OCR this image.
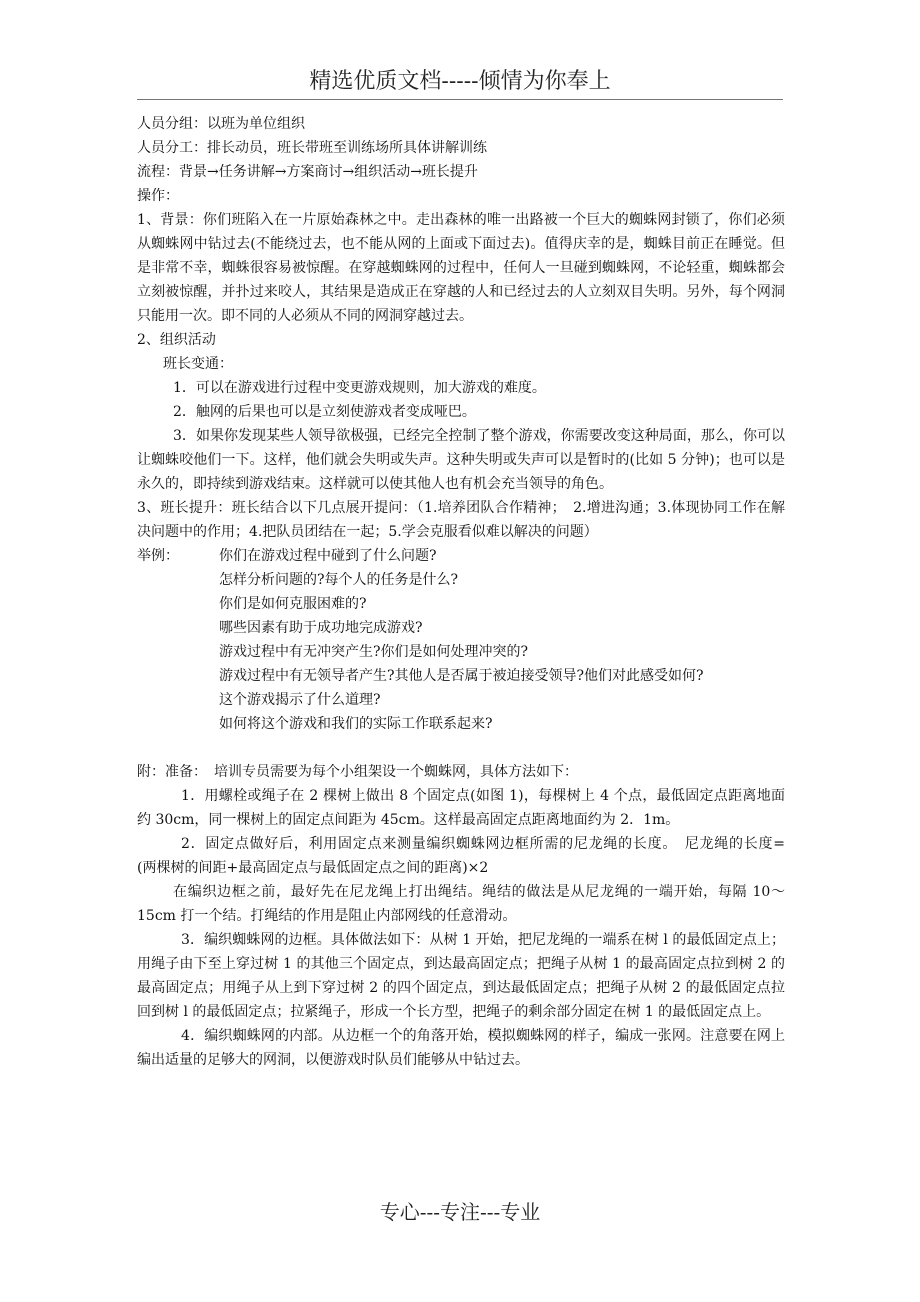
精选优质文档-----倾情为你奉上

人员分组：以班为单位组织

人员分工：排长动员，班长带班至训练场所具体讲解训练

流程：背景→任务讲解→方案商讨→组织活动→班长提升

操作：

1、背景：你们班陷入在一片原始森林之中。走出森林的唯一出路被一个巨大的蜘蛛网封锁了，你们必须从蜘蛛网中钻过去(不能绕过去，也不能从网的上面或下面过去)。值得庆幸的是，蜘蛛目前正在睡觉。但是非常不幸，蜘蛛很容易被惊醒。在穿越蜘蛛网的过程中，任何人一旦碰到蜘蛛网，不论轻重，蜘蛛都会立刻被惊醒，并扑过来咬人，其结果是造成正在穿越的人和已经过去的人立刻双目失明。另外，每个网洞只能用一次。即不同的人必须从不同的网洞穿越过去。

2、组织活动

班长变通：

1．可以在游戏进行过程中变更游戏规则，加大游戏的难度。

2．触网的后果也可以是立刻使游戏者变成哑巴。

3．如果你发现某些人领导欲极强，已经完全控制了整个游戏，你需要改变这种局面，那么，你可以让蜘蛛咬他们一下。这样，他们就会失明或失声。这种失明或失声可以是暂时的(比如 5 分钟)；也可以是永久的，即持续到游戏结束。这样就可以使其他人也有机会充当领导的角色。

3、班长提升：班长结合以下几点展开提问：（1.培养团队合作精神；　2.增进沟通；3.体现协同工作在解决问题中的作用；4.把队员团结在一起；5.学会克服看似难以解决的问题）

举例：	你们在游戏过程中碰到了什么问题?
怎样分析问题的?每个人的任务是什么?
你们是如何克服困难的?
哪些因素有助于成功地完成游戏?
游戏过程中有无冲突产生?你们是如何处理冲突的?
游戏过程中有无领导者产生?其他人是否属于被迫接受领导?他们对此感受如何?
这个游戏揭示了什么道理?
如何将这个游戏和我们的实际工作联系起来?

附：准备：　培训专员需要为每个小组架设一个蜘蛛网，具体方法如下：

1．用螺栓或绳子在 2 棵树上做出 8 个固定点(如图 1)，每棵树上 4 个点，最低固定点距离地面约 30cm，同一棵树上的固定点间距为 45cm。这样最高固定点距离地面约为 2．1m。

2．固定点做好后，利用固定点来测量编织蜘蛛网边框所需的尼龙绳的长度。　尼龙绳的长度=　(两棵树的间距+最高固定点与最低固定点之间的距离)×2

在编织边框之前，最好先在尼龙绳上打出绳结。绳结的做法是从尼龙绳的一端开始，每隔 10～15cm 打一个结。打绳结的作用是阻止内部网线的任意滑动。

3．编织蜘蛛网的边框。具体做法如下：从树 1 开始，把尼龙绳的一端系在树 l 的最低固定点上；用绳子由下至上穿过树 1 的其他三个固定点，到达最高固定点；把绳子从树 1 的最高固定点拉到树 2 的最高固定点；用绳子从上到下穿过树 2 的四个固定点，到达最低固定点；把绳子从树 2 的最低固定点拉回到树 l 的最低固定点；拉紧绳子，形成一个长方型，把绳子的剩余部分固定在树 1 的最低固定点上。

4．编织蜘蛛网的内部。从边框一个的角落开始，模拟蜘蛛网的样子，编成一张网。注意要在网上编出适量的足够大的网洞，以便游戏时队员们能够从中钻过去。

专心---专注---专业
